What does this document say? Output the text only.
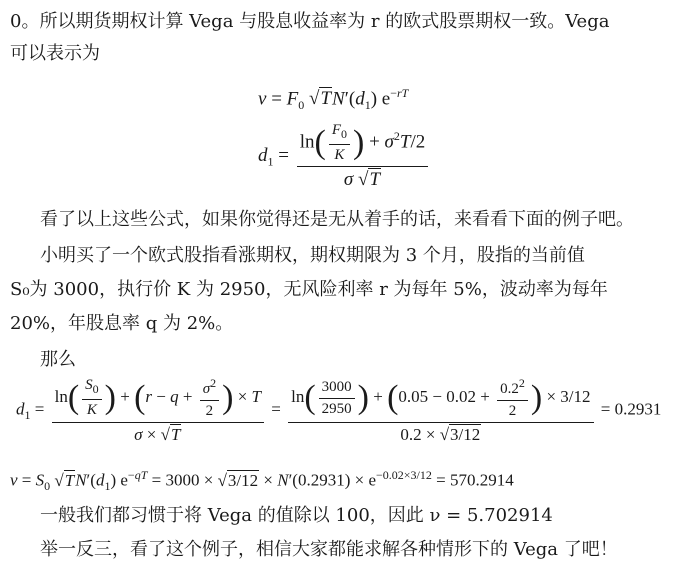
0。所以期货期权计算 Vega 与股息收益率为 r 的欧式股票期权一致。Vega
可以表示为
$\nu = F_0$ $√TN'(d_1)$ $e^{-rT}$
$d_1 = \frac{\ln( \frac{F_0}{K} ) + \sigma^2T/2}{\sigma √T}$
看了以上这些公式，如果你觉得还是无从着手的话，来看看下面的例子吧。
小明买了一个欧式股指看涨期权，期权期限为 3 个月，股指的当前值
S₀为 3000，执行价 K 为 2950，无风险利率 r 为每年 5%，波动率为每年
20%，年股息率 q 为 2%。
那么
$d_1 = \frac{\ln( \frac{S_0}{K} ) + (r - q + \frac{\sigma^2}{2} ) \times T}{\sigma \times √T} = \frac{\ln( \frac{3000}{2950} ) + (0.05 - 0.02 + \frac{0.2^2}{2} ) \times 3/12}{0.2 \times √3/12} = 0.2931$
$\nu = S_0$ $√TN'(d_1) e^{-qT} = 3000 \times √3/12 \times N'(0.2931) \times e^{-0.02\times 3/12} = 570.2914$
一般我们都习惯于将 Vega 的值除以 100，因此 ν = 5.702914
举一反三，看了这个例子，相信大家都能求解各种情形下的 Vega 了吧！
